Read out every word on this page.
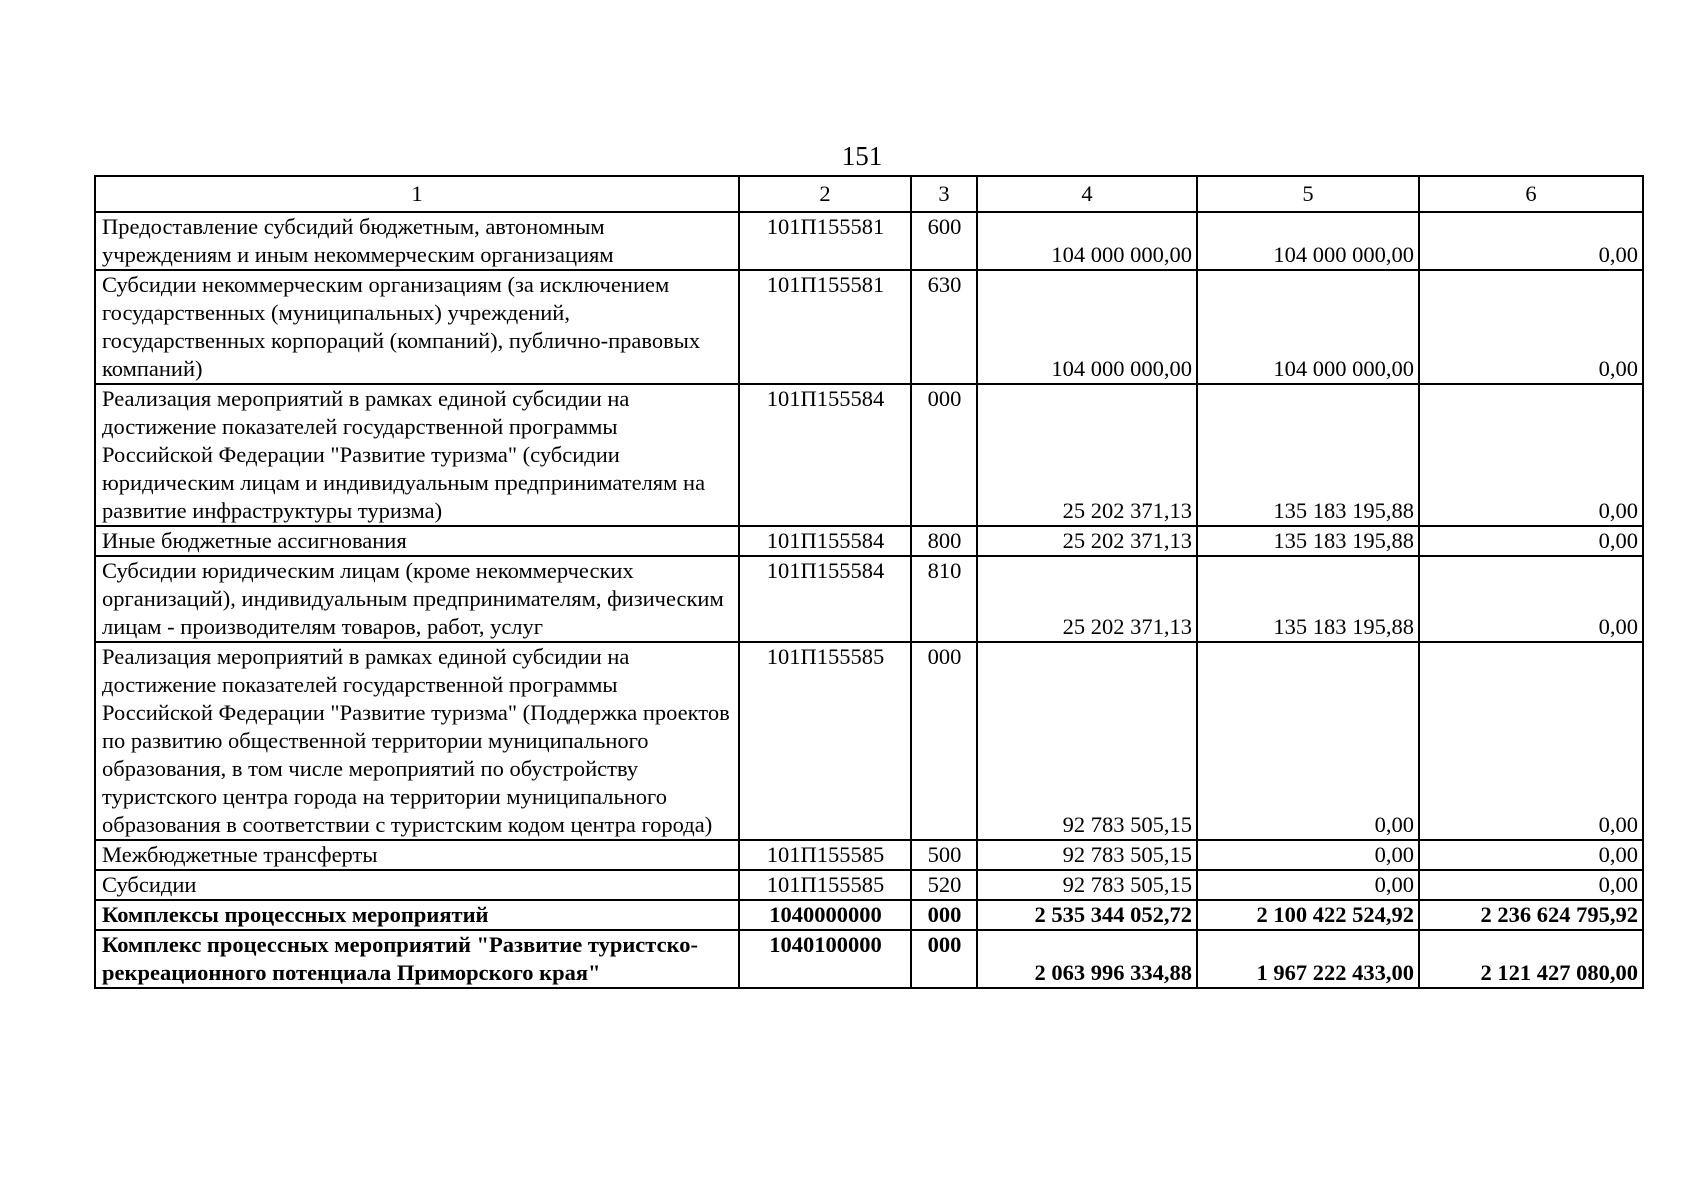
151
1	2	3	4	5	6
Предоставление субсидий бюджетным, автономным учреждениям и иным некоммерческим организациям	101П155581	600	104 000 000,00	104 000 000,00	0,00
Субсидии некоммерческим организациям (за исключением государственных (муниципальных) учреждений, государственных корпораций (компаний), публично-правовых компаний)	101П155581	630	104 000 000,00	104 000 000,00	0,00
Реализация мероприятий в рамках единой субсидии на достижение показателей государственной программы Российской Федерации "Развитие туризма" (субсидии юридическим лицам и индивидуальным предпринимателям на развитие инфраструктуры туризма)	101П155584	000	25 202 371,13	135 183 195,88	0,00
Иные бюджетные ассигнования	101П155584	800	25 202 371,13	135 183 195,88	0,00
Субсидии юридическим лицам (кроме некоммерческих организаций), индивидуальным предпринимателям, физическим лицам - производителям товаров, работ, услуг	101П155584	810	25 202 371,13	135 183 195,88	0,00
Реализация мероприятий в рамках единой субсидии на достижение показателей государственной программы Российской Федерации "Развитие туризма" (Поддержка проектов по развитию общественной территории муниципального образования, в том числе мероприятий по обустройству туристского центра города на территории муниципального образования в соответствии с туристским кодом центра города)	101П155585	000	92 783 505,15	0,00	0,00
Межбюджетные трансферты	101П155585	500	92 783 505,15	0,00	0,00
Субсидии	101П155585	520	92 783 505,15	0,00	0,00
Комплексы процессных мероприятий	1040000000	000	2 535 344 052,72	2 100 422 524,92	2 236 624 795,92
Комплекс процессных мероприятий "Развитие туристско-рекреационного потенциала Приморского края"	1040100000	000	2 063 996 334,88	1 967 222 433,00	2 121 427 080,00
